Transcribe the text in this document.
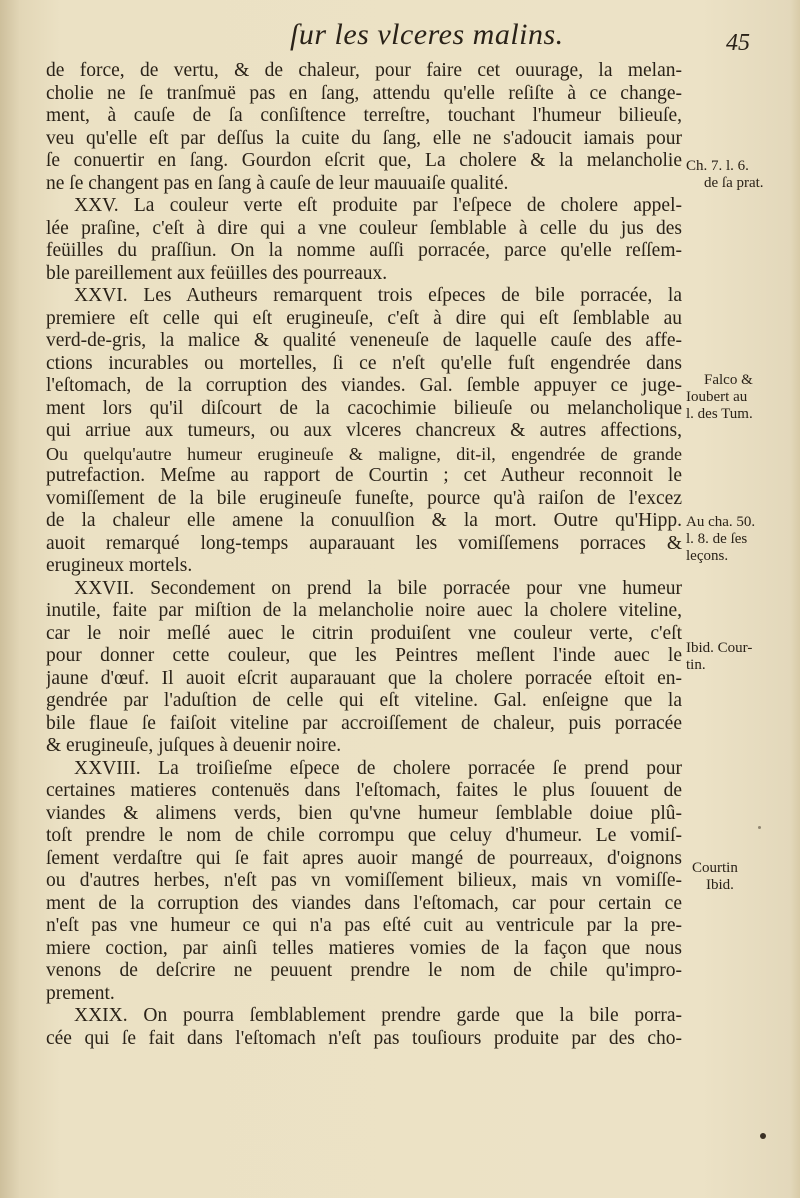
ſur les vlceres malins.	45
de force, de vertu, & de chaleur, pour faire cet ouurage, la melan-
cholie ne ſe tranſmuë pas en ſang, attendu qu'elle reſiſte à ce change-
ment, à cauſe de ſa conſiſtence terreſtre, touchant l'humeur bilieuſe,
veu qu'elle eſt par deſſus la cuite du ſang, elle ne s'adoucit iamais pour
ſe conuertir en ſang. Gourdon eſcrit que, La cholere & la melancholie
ne ſe changent pas en ſang à cauſe de leur mauuaiſe qualité.
XXV. La couleur verte eſt produite par l'eſpece de cholere appel-
lée praſine, c'eſt à dire qui a vne couleur ſemblable à celle du jus des
feüilles du praſſiun. On la nomme auſſi porracée, parce qu'elle reſſem-
ble pareillement aux feüilles des pourreaux.
XXVI. Les Autheurs remarquent trois eſpeces de bile porracée, la
premiere eſt celle qui eſt erugineuſe, c'eſt à dire qui eſt ſemblable au
verd-de-gris, la malice & qualité veneneuſe de laquelle cauſe des affe-
ctions incurables ou mortelles, ſi ce n'eſt qu'elle fuſt engendrée dans
l'eſtomach, de la corruption des viandes. Gal. ſemble appuyer ce juge-
ment lors qu'il diſcourt de la cacochimie bilieuſe ou melancholique
qui arriue aux tumeurs, ou aux vlceres chancreux & autres affections,
Ou quelqu'autre humeur erugineuſe & maligne, dit-il, engendrée de grande
putrefaction. Meſme au rapport de Courtin ; cet Autheur reconnoit le
vomiſſement de la bile erugineuſe funeſte, pource qu'à raiſon de l'excez
de la chaleur elle amene la conuulſion & la mort. Outre qu'Hipp.
auoit remarqué long-temps auparauant les vomiſſemens porraces &
erugineux mortels.
XXVII. Secondement on prend la bile porracée pour vne humeur
inutile, faite par miſtion de la melancholie noire auec la cholere viteline,
car le noir meſlé auec le citrin produiſent vne couleur verte, c'eſt
pour donner cette couleur, que les Peintres meſlent l'inde auec le
jaune d'œuf. Il auoit eſcrit auparauant que la cholere porracée eſtoit en-
gendrée par l'aduſtion de celle qui eſt viteline. Gal. enſeigne que la
bile flaue ſe faiſoit viteline par accroiſſement de chaleur, puis porracée
& erugineuſe, juſques à deuenir noire.
XXVIII. La troiſieſme eſpece de cholere porracée ſe prend pour
certaines matieres contenuës dans l'eſtomach, faites le plus ſouuent de
viandes & alimens verds, bien qu'vne humeur ſemblable doiue plû-
toſt prendre le nom de chile corrompu que celuy d'humeur. Le vomiſ-
ſement verdaſtre qui ſe fait apres auoir mangé de pourreaux, d'oignons
ou d'autres herbes, n'eſt pas vn vomiſſement bilieux, mais vn vomiſſe-
ment de la corruption des viandes dans l'eſtomach, car pour certain ce
n'eſt pas vne humeur ce qui n'a pas eſté cuit au ventricule par la pre-
miere coction, par ainſi telles matieres vomies de la façon que nous
venons de deſcrire ne peuuent prendre le nom de chile qu'impro-
prement.
XXIX. On pourra ſemblablement prendre garde que la bile porra-
cée qui ſe fait dans l'eſtomach n'eſt pas touſiours produite par des cho-
Ch. 7. l. 6.
de ſa prat.
Falco &
Ioubert au
l. des Tum.
Au cha. 50.
l. 8. de ſes
leçons.
Ibid. Cour-
tin.
Courtin
Ibid.
